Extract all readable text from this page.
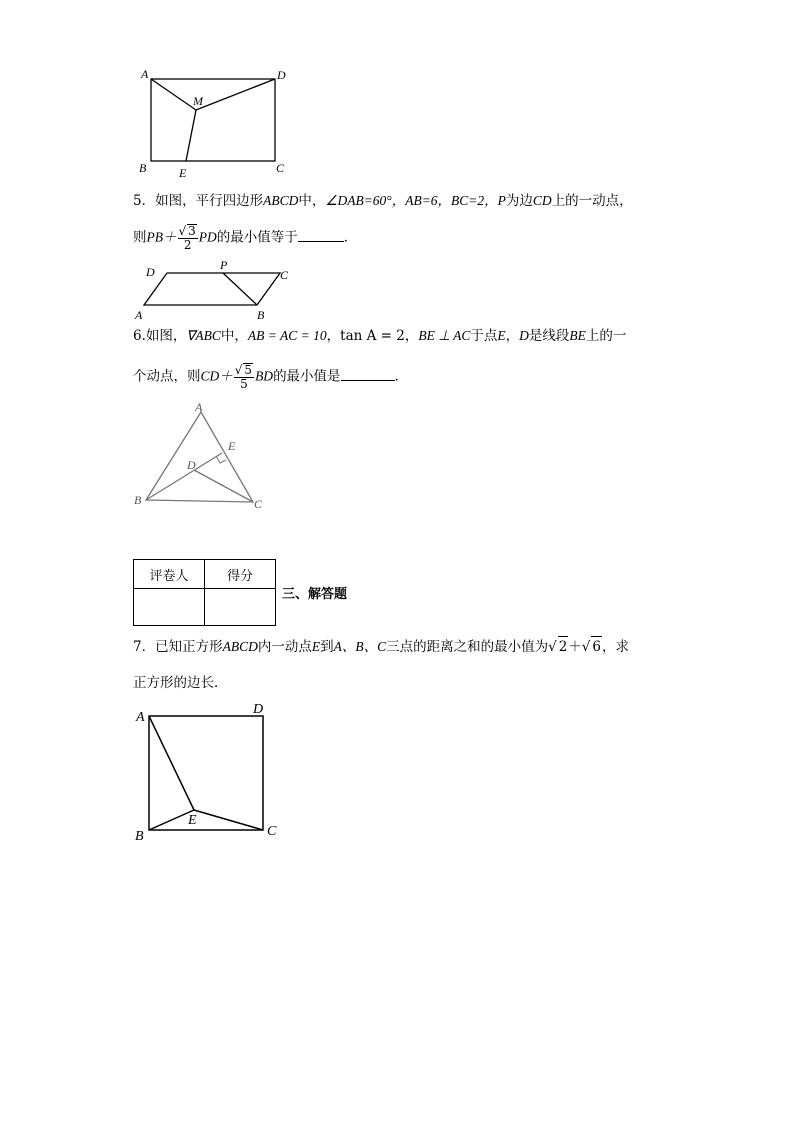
A	D
M
B	E	C
5．如图，平行四边形ABCD中，∠DAB=60°，AB=6，BC=2，P为边CD上的一动点，
则$PB+ \frac{√ 3}{2}$ PD的最小值等于	．
D	P
C
A	B
6.如图，∇ABC中，AB = AC = 10，tan A = 2，BE ⊥ AC于点E，D是线段BE上的一
个动点，则$CD+ \frac{√ 5}{5}$ BD的最小值是	．
A
E
D
B	C
评卷人	得分

三、解答题
7．已知正方形ABCD内一动点E到A、B、C三点的距离之和的最小值为√ 2＋√ 6，求
正方形的边长．
A
D
E
B	C
